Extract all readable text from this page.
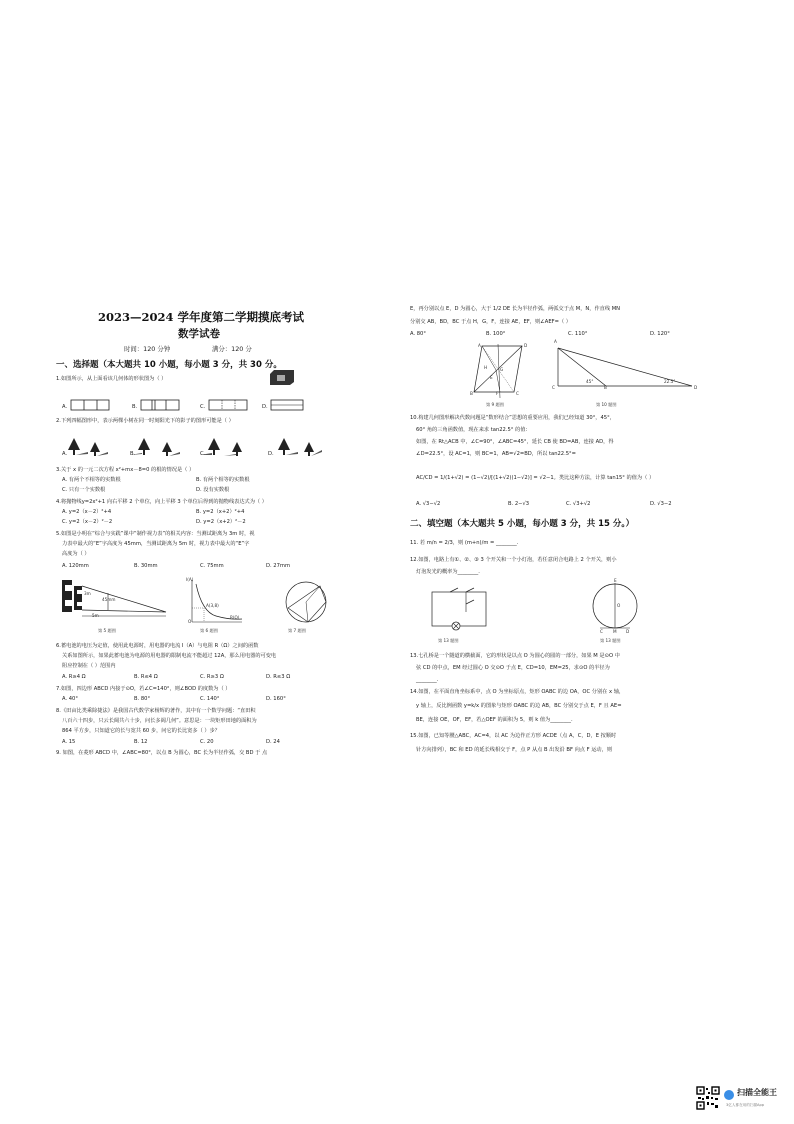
2023—2024 学年度第二学期摸底考试
数学试卷
时间：120 分钟	满分：120 分
一、选择题（本大题共 10 小题，每小题 3 分，共 30 分。
1.如图所示，从上面看该几何体的形状图为（ ）
A.	B.	C.	D.
2.下列四幅图形中，表示两棵小树在同一时刻阳光下的影子的图形可能是（ ）
A.	B.	C.	D.
3.关于 x 的一元二次方程 x²+mx－8=0 的根的情况是（ ）
A. 有两个不相等的实数根	B. 有两个相等的实数根
C. 只有一个实数根	D. 没有实数根
4.将抛物线y=2x²+1 向右平移 2 个单位，向上平移 3 个单位后得到的抛物线表达式为（ ）
A. y=2（x－2）²+4	B. y=2（x+2）²+4
C. y=2（x－2）²－2	D. y=2（x+2）²－2
5.如图是小明在“综合与实践”课中“制作视力表”的相关内容：当测试距离为 3m 时，视
力表中最大的“E”字高度为 45mm，当测试距离为 5m 时，视力表中最大的“E”字
高度为（ ）
A. 120mm	B. 30mm	C. 75mm	D. 27mm
5m
3m
45mm
第 5 题图
I(A)
R(Ω)
O
A(3,8)
第 6 题图	第 7 题图
6.蓄电池的电压为定值，使用此电源时，用电器的电流 I（A）与电阻 R（Ω）之间的函数
关系如图所示，如果此蓄电池为电源的用电器的限制电流不能超过 12A，那么用电器的可变电
阻应控制在（ ）范围内
A. R≥4 Ω	B. R≤4 Ω	C. R≥3 Ω	D. R≤3 Ω
7.如图，四边形 ABCD 内接于⊙O，若∠C=140°，则∠BOD 的度数为（ ）
A. 40°	B. 80°	C. 140°	D. 160°
8.《田亩比类乘除捷法》是我国古代数学家杨辉的著作，其中有一个数学问题：“直田积
八百六十四步，只云长阔共六十步，问长多阔几何”。意思是：一块矩形田地的面积为
864 平方步，只知道它的长与宽共 60 步，问它的长比宽多（ ）步？
A. 15	B. 12	C. 20	D. 24
9. 如图，在菱形 ABCD 中，∠ABC=80°，以点 B 为圆心，BC 长为半径作弧，交 BD 于 点
E，再分别以点 E，D 为圆心，大于 1/2 DE 长为半径作弧，两弧交于点 M，N，作直线 MN
分别交 AB，BD，BC 于点 H，G，F，连接 AE，EF，则∠AEF=（ ）
A. 80°	B. 100°	C. 110°	D. 120°
A	D
B	C
H	G
E
F
第 9 题图
A
C	B	D
45°	22.5°
第 10 题图
10.构建几何图形解决代数问题是“数形结合”思想的重要应用，我们已经知道 30°，45°，
60° 角的三角函数值，现在来求 tan22.5° 的值：
如图，在 Rt△ACB 中，∠C=90°，∠ABC=45°，延长 CB 使 BD=AB，连接 AD，得
∠D=22.5°，设 AC=1，则 BC=1，AB=√2=BD，所以 tan22.5°=
AC/CD = 1/(1+√2) = (1−√2)/[(1+√2)(1−√2)] = √2−1。类比这种方法，计算 tan15° 的值为（ ）
A. √3−√2	B. 2−√3	C. √3+√2	D. √3−2
二、填空题（本大题共 5 小题，每小题 3 分，共 15 分。）
11. 若 m/n = 2/3，则 (m+n)/m = ________.
12.如图，电路上有①、②、③ 3 个开关和一个小灯泡，若任意闭合电路上 2 个开关，则小
灯泡发光的概率为________.
第 13 题图
E
O
C M D
第 13 题图
13.七孔桥是一个隧道的横截面，它的形状是以点 O 为圆心的圆的一部分，如果 M 是⊙O 中
弦 CD 的中点，EM 经过圆心 O 交⊙O 于点 E，CD=10，EM=25，求⊙O 的半径为
________.
14.如图，在平面直角坐标系中，点 O 为坐标原点，矩形 OABC 的边 OA，OC 分别在 x 轴，
y 轴上，反比例函数 y=k/x 的图象与矩形 OABC 的边 AB，BC 分别交于点 E，F 且 AE=
BE，连接 OE，OF，EF，若△OEF 的面积为 5，则 k 值为________.
15.如图，已知等腰△ABC，AC=4，以 AC 为边作正方形 ACDE（点 A，C，D，E 按顺时
针方向排列），BC 和 ED 的延长线相交于 F，点 P 从点 B 出发沿 BF 向点 F 运动，则
扫描全能王
3亿人都在用的扫描App
